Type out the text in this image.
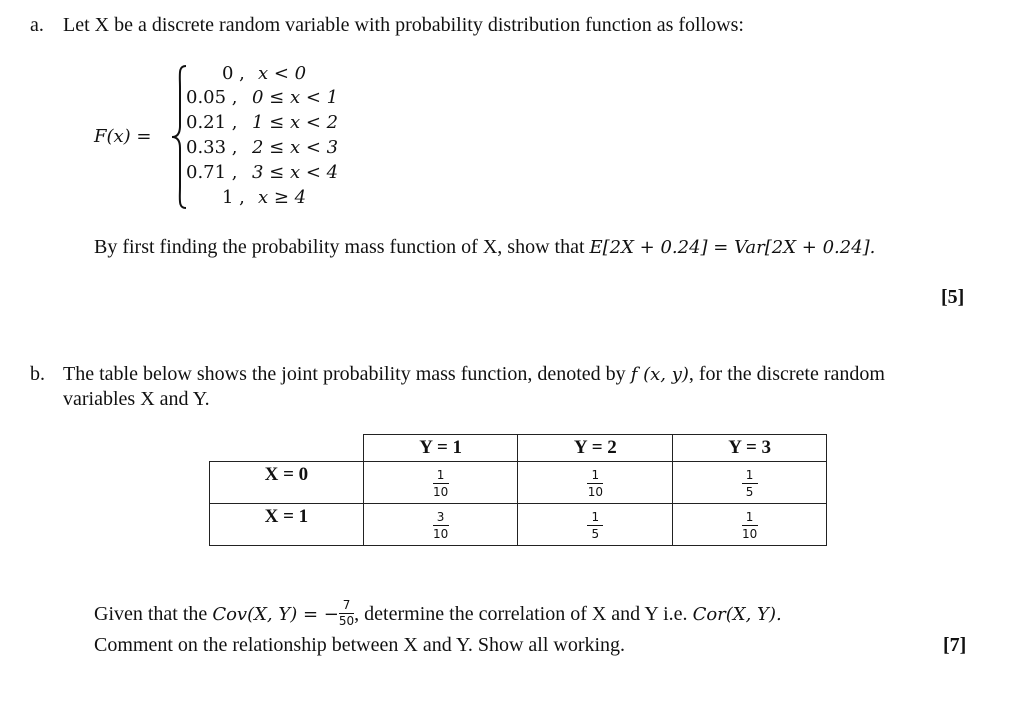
a. Let X be a discrete random variable with probability distribution function as follows:
F(x) =
0 , x < 0
0.05 , 0 ≤ x < 1
0.21 , 1 ≤ x < 2
0.33 , 2 ≤ x < 3
0.71 , 3 ≤ x < 4
1 , x ≥ 4
By first finding the probability mass function of X, show that E[2X + 0.24] = Var[2X + 0.24].
[5]
b. The table below shows the joint probability mass function, denoted by f (x, y), for the discrete random
variables X and Y.
	Y = 1	Y = 2	Y = 3
X = 0	$\frac{1}{10}$	$\frac{1}{10}$	$\frac{1}{5}$

X = 1	$\frac{3}{10}$	$\frac{1}{5}$	$\frac{1}{10}$
Given that the Cov(X, Y) = − $\frac{7}{50}$ , determine the correlation of X and Y i.e. Cor(X, Y).
Comment on the relationship between X and Y. Show all working.	[7]
